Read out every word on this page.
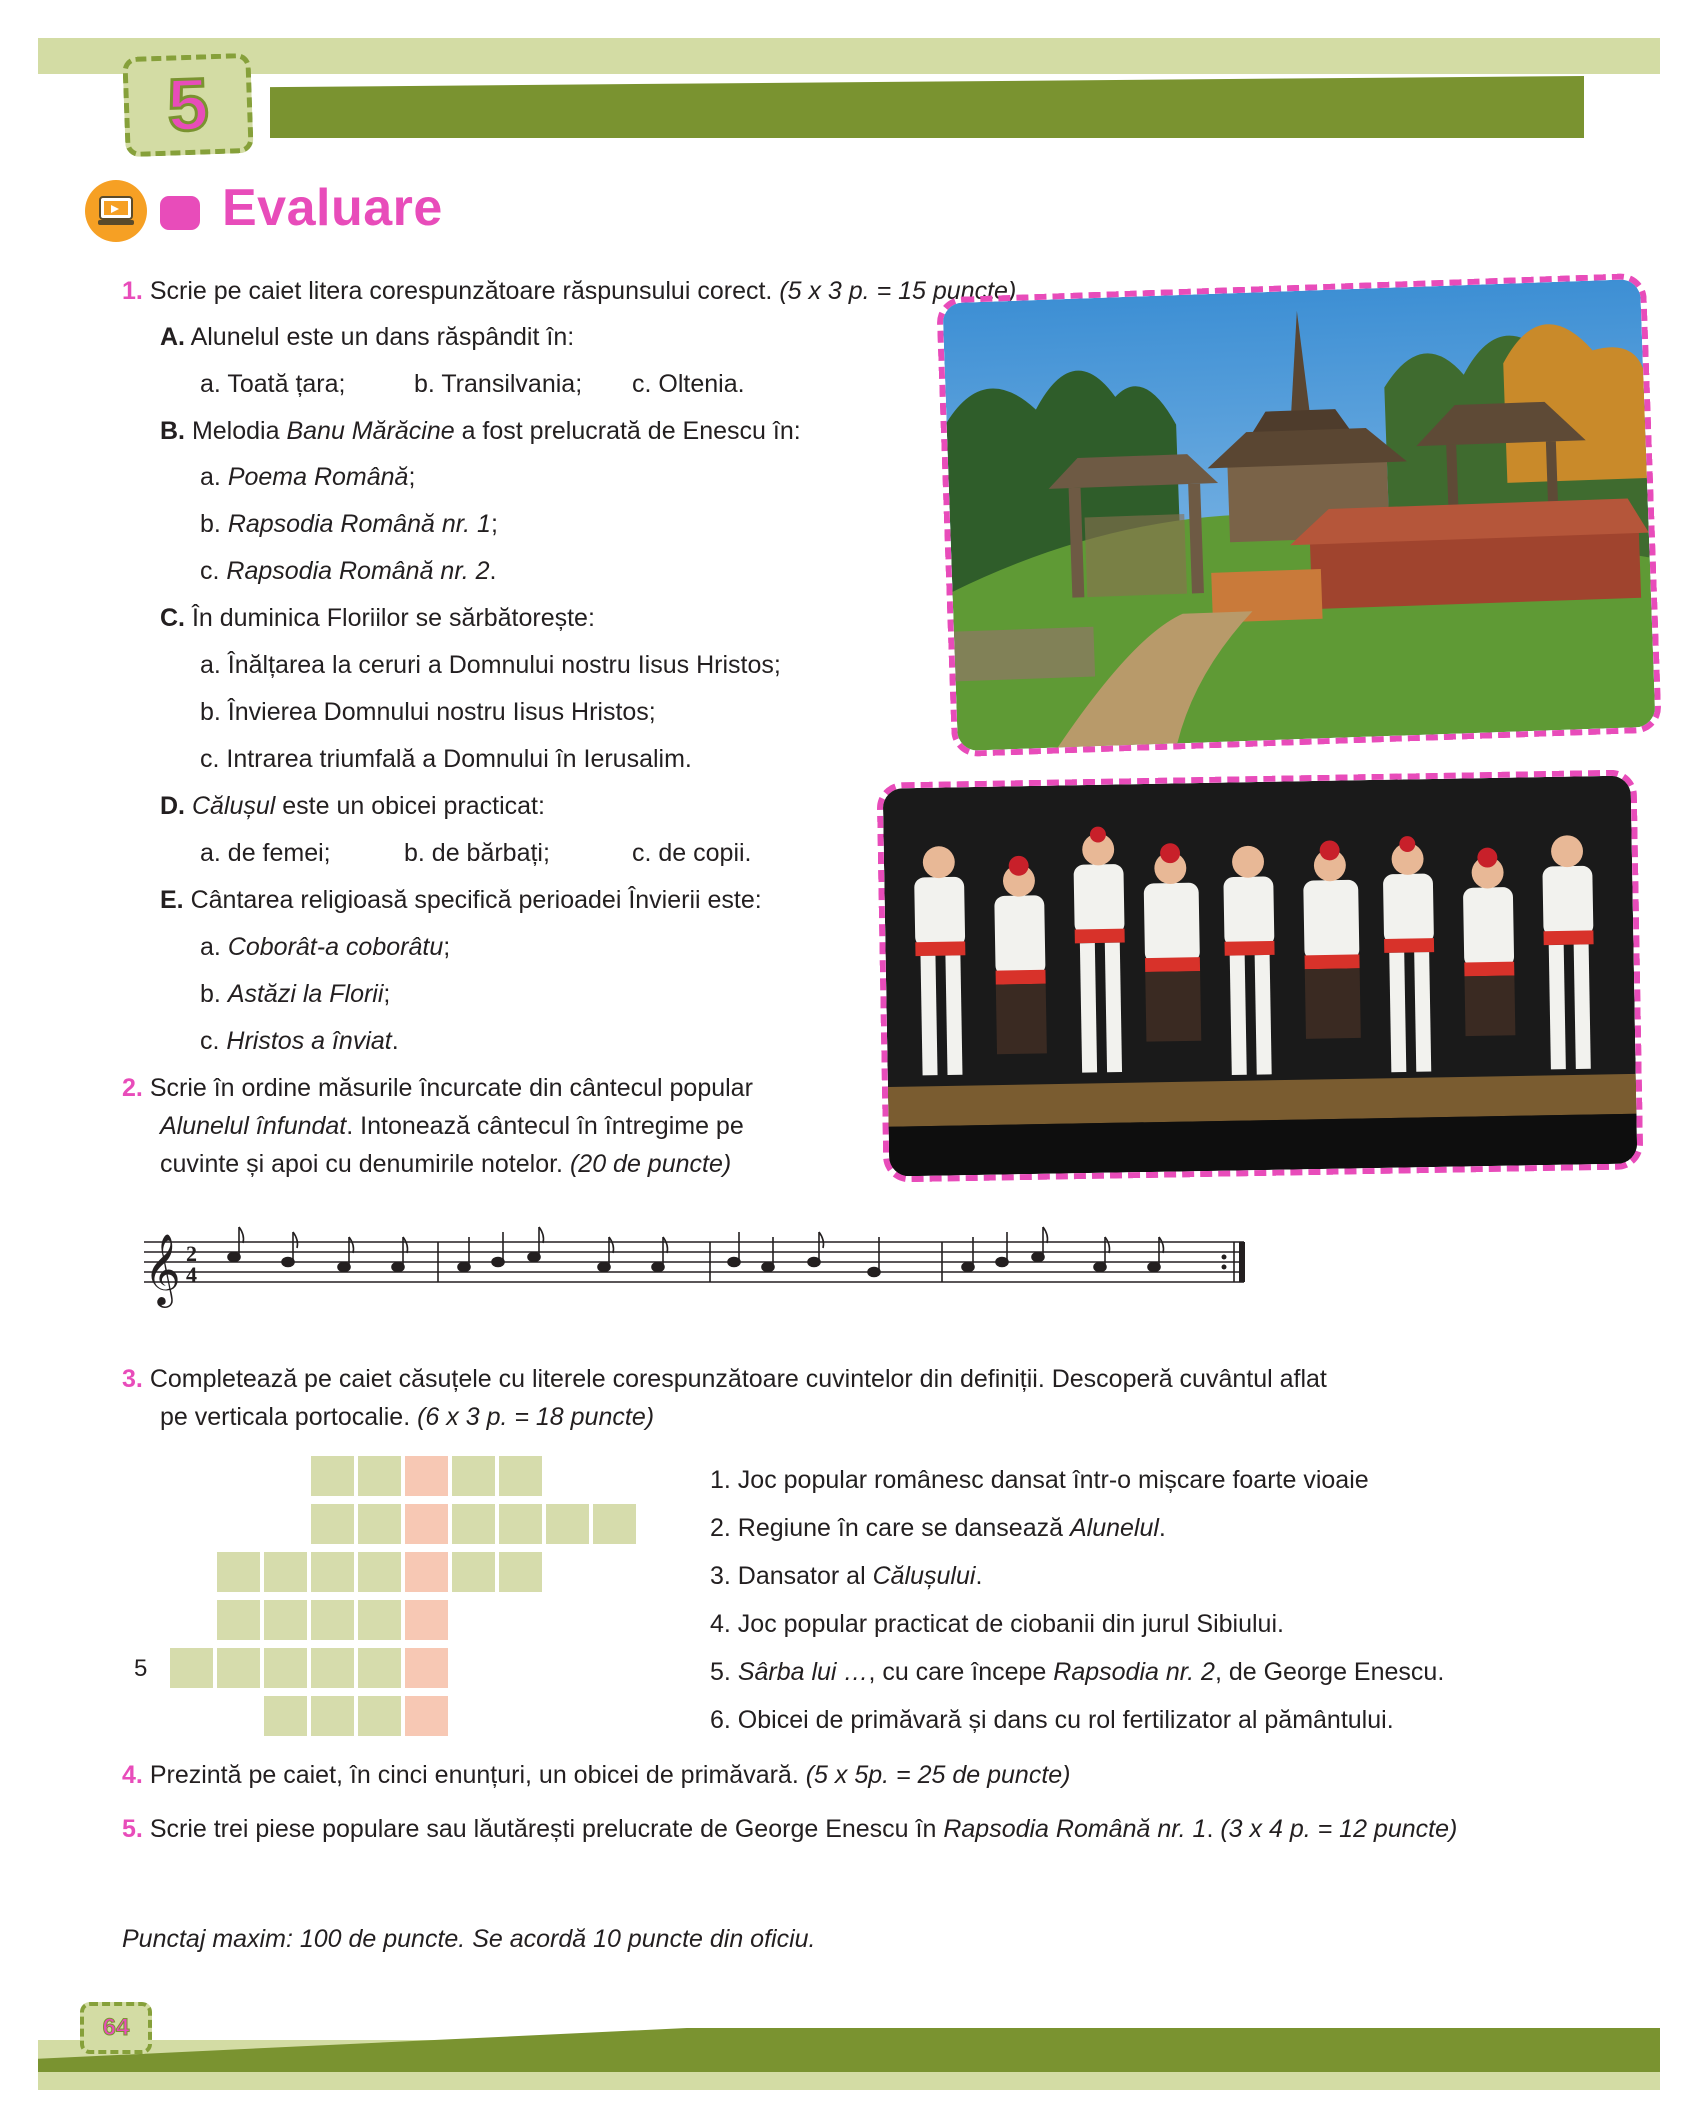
5
Evaluare
1. Scrie pe caiet litera corespunzătoare răspunsului corect. (5 x 3 p. = 15 puncte)
A. Alunelul este un dans răspândit în:
a. Toată țara;	b. Transilvania; c. Oltenia.
B. Melodia Banu Mărăcine a fost prelucrată de Enescu în:
a. Poema Română;
b. Rapsodia Română nr. 1;
c. Rapsodia Română nr. 2.
C. În duminica Floriilor se sărbătorește:
a. Înălțarea la ceruri a Domnului nostru Iisus Hristos;
b. Învierea Domnului nostru Iisus Hristos;
c. Intrarea triumfală a Domnului în Ierusalim.
D. Călușul este un obicei practicat:
a. de femei;	b. de bărbați;	c. de copii.
E. Cântarea religioasă specifică perioadei Învierii este:
a. Coborât-a coborâtu;
b. Astăzi la Florii;
c. Hristos a înviat.
2. Scrie în ordine măsurile încurcate din cântecul popular
Alunelul înfundat. Intonează cântecul în întregime pe
cuvinte și apoi cu denumirile notelor. (20 de puncte)
𝄞 2
4
3. Completează pe caiet căsuțele cu literele corespunzătoare cuvintelor din definiții. Descoperă cuvântul aflat
pe verticala portocalie. (6 x 3 p. = 18 puncte)
5
1. Joc popular românesc dansat într-o mișcare foarte vioaie
2. Regiune în care se dansează Alunelul.
3. Dansator al Călușului.
4. Joc popular practicat de ciobanii din jurul Sibiului.
5. Sârba lui …, cu care începe Rapsodia nr. 2, de George Enescu.
6. Obicei de primăvară și dans cu rol fertilizator al pământului.
4. Prezintă pe caiet, în cinci enunțuri, un obicei de primăvară. (5 x 5p. = 25 de puncte)
5. Scrie trei piese populare sau lăutărești prelucrate de George Enescu în Rapsodia Română nr. 1. (3 x 4 p. = 12 puncte)
Punctaj maxim: 100 de puncte. Se acordă 10 puncte din oficiu.
64
